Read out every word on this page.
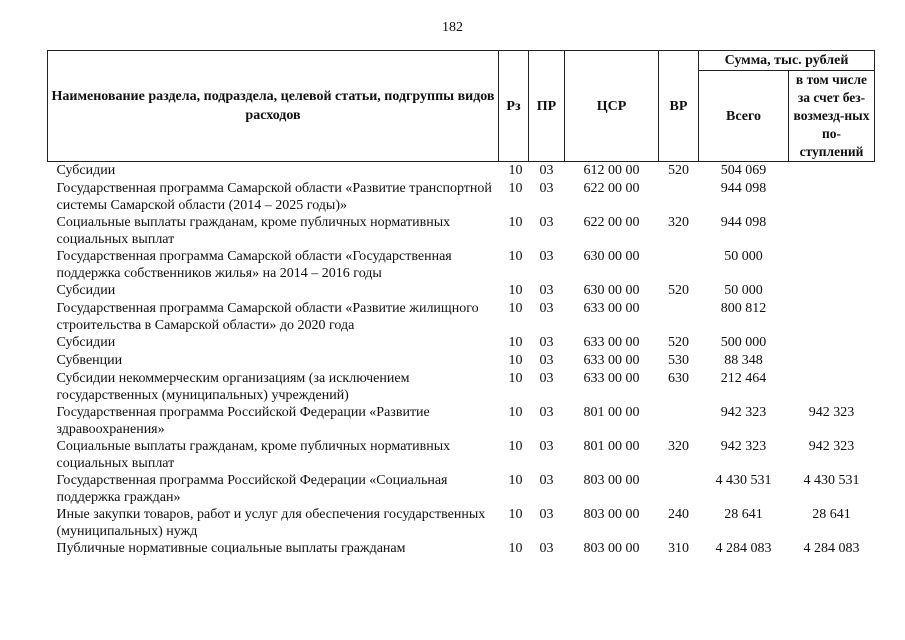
182
Наименование раздела, подраздела, целевой статьи, подгруппы видов расходов	Рз	ПР	ЦСР	ВР	Сумма, тыс. рублей	
					Всего	в том числе за счет без-возмезд-ных по-ступлений
Субсидии	10	03	612 00 00	520	504 069	
Государственная программа Самарской области «Развитие транспортной системы Самарской области (2014 – 2025 годы)»	10	03	622 00 00		944 098	
Социальные выплаты гражданам, кроме публичных нормативных социальных выплат	10	03	622 00 00	320	944 098	
Государственная программа Самарской области «Государственная поддержка собственников жилья» на 2014 – 2016 годы	10	03	630 00 00		50 000	
Субсидии	10	03	630 00 00	520	50 000	
Государственная программа Самарской области «Развитие жилищного строительства в Самарской области» до 2020 года	10	03	633 00 00		800 812	
Субсидии	10	03	633 00 00	520	500 000	
Субвенции	10	03	633 00 00	530	88 348	
Субсидии некоммерческим организациям (за исключением государственных (муниципальных) учреждений)	10	03	633 00 00	630	212 464	
Государственная программа Российской Федерации «Развитие здравоохранения»	10	03	801 00 00		942 323	942 323
Социальные выплаты гражданам, кроме публичных нормативных социальных выплат	10	03	801 00 00	320	942 323	942 323
Государственная программа Российской Федерации «Социальная поддержка граждан»	10	03	803 00 00		4 430 531	4 430 531
Иные закупки товаров, работ и услуг для обеспечения государственных (муниципальных) нужд	10	03	803 00 00	240	28 641	28 641
Публичные нормативные социальные выплаты гражданам	10	03	803 00 00	310	4 284 083	4 284 083
